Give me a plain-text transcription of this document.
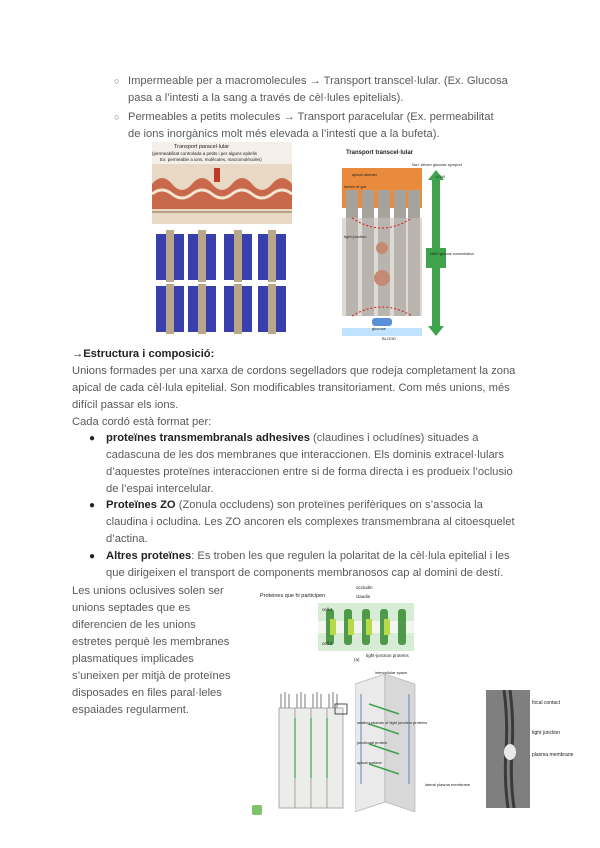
○ Impermeable per a macromolecules → Transport transcel·lular. (Ex. Glucosa
pasa a l’intesti a la sang a través de cèl·lules epitelials).
○ Permeables a petits molecules → Transport paracelular (Ex. permeabilitat
de ions inorgànics molt més elevada a l’intesti que a la bufeta).
Transport paracel·lular
(permeabilitat controlada a petits i per alguns epitelis
Ex: permeable a ions, molècules, macromolècules)
Transport transcel·lular
Na+-driven glucose symport
apical domain
lumen of gut
tight junction
glucose
LOW
HIGH glucose concentration
BLOOD
→Estructura i composició:
Unions formades per una xarxa de cordons segelladors que rodeja completament la zona
apical de cada cèl·lula epitelial. Son modificables transitoriament. Com més unions, més
difícil passar els ions.
Cada cordó està format per:
● proteïnes transmembranals adhesives (claudines i ocludínes) situades a
cadascuna de les dos membranes que interaccionen. Els dominis extracel·lulars
d’aquestes proteïnes interaccionen entre si de forma directa i es produeix l’oclusio
de l’espai intercelular.
● Proteïnes ZO (Zonula occludens) son proteïnes perifèriques on s’associa la
claudina i ocludina. Les ZO ancoren els complexes transmembrana al citoesquelet
d’actina.
● Altres proteïnes: Es troben les que regulen la polaritat de la cèl·lula epitelial i les
que dirigeixen el transport de components membranosos cap al domini de destí.
Les unions oclusives solen ser
unions septades que es
diferencien de les unions
estretes perquè les membranes
plasmatiques implicades
s’uneixen per mitjà de proteïnes
disposades en files paral·leles
espaiades regularment.
Proteines que hi participen
occludin
claudin
cell 1
cell 2
tight-junction proteins
(a)
intercellular space
sealing strands of tight junction proteins
junctional protein
apical surface
lateral plasma membrane
focal contact
tight junction
plasma membrane
